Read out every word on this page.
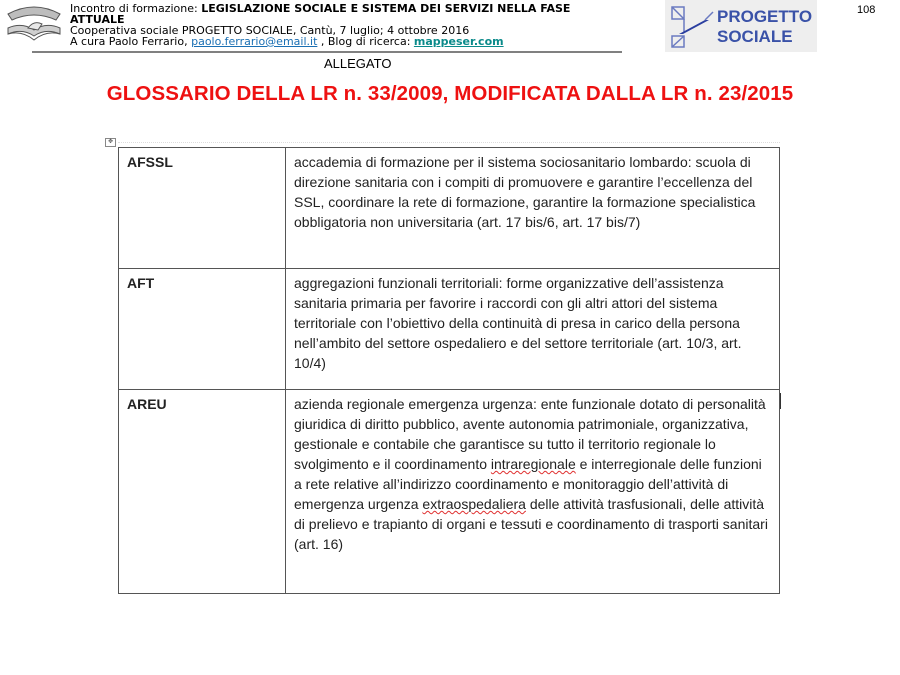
Incontro di formazione: LEGISLAZIONE SOCIALE E SISTEMA DEI SERVIZI NELLA FASE
ATTUALE
Cooperativa sociale PROGETTO SOCIALE, Cantù, 7 luglio; 4 ottobre 2016
A cura Paolo Ferrario, paolo.ferrario@email.it , Blog di ricerca: mappeser.com
PROGETTO
SOCIALE
108
ALLEGATO
GLOSSARIO DELLA LR n. 33/2009, MODIFICATA DALLA LR n. 23/2015
✥
AFSSL	accademia di formazione per il sistema sociosanitario lombardo: scuola di direzione sanitaria con i compiti di promuovere e garantire l’eccellenza del SSL, coordinare la rete di formazione, garantire la formazione specialistica obbligatoria non universitaria (art. 17 bis/6, art. 17 bis/7)
AFT	aggregazioni funzionali territoriali: forme organizzative dell’assistenza sanitaria primaria per favorire i raccordi con gli altri attori del sistema territoriale con l’obiettivo della continuità di presa in carico della persona nell’ambito del settore ospedaliero e del settore territoriale (art. 10/3, art. 10/4)
AREU	azienda regionale emergenza urgenza: ente funzionale dotato di personalità giuridica di diritto pubblico, avente autonomia patrimoniale, organizzativa, gestionale e contabile che garantisce su tutto il territorio regionale lo svolgimento e il coordinamento intraregionale e interregionale delle funzioni a rete relative all’indirizzo coordinamento e monitoraggio dell’attività di emergenza urgenza extraospedaliera delle attività trasfusionali, delle attività di prelievo e trapianto di organi e tessuti e coordinamento di trasporti sanitari (art. 16)
